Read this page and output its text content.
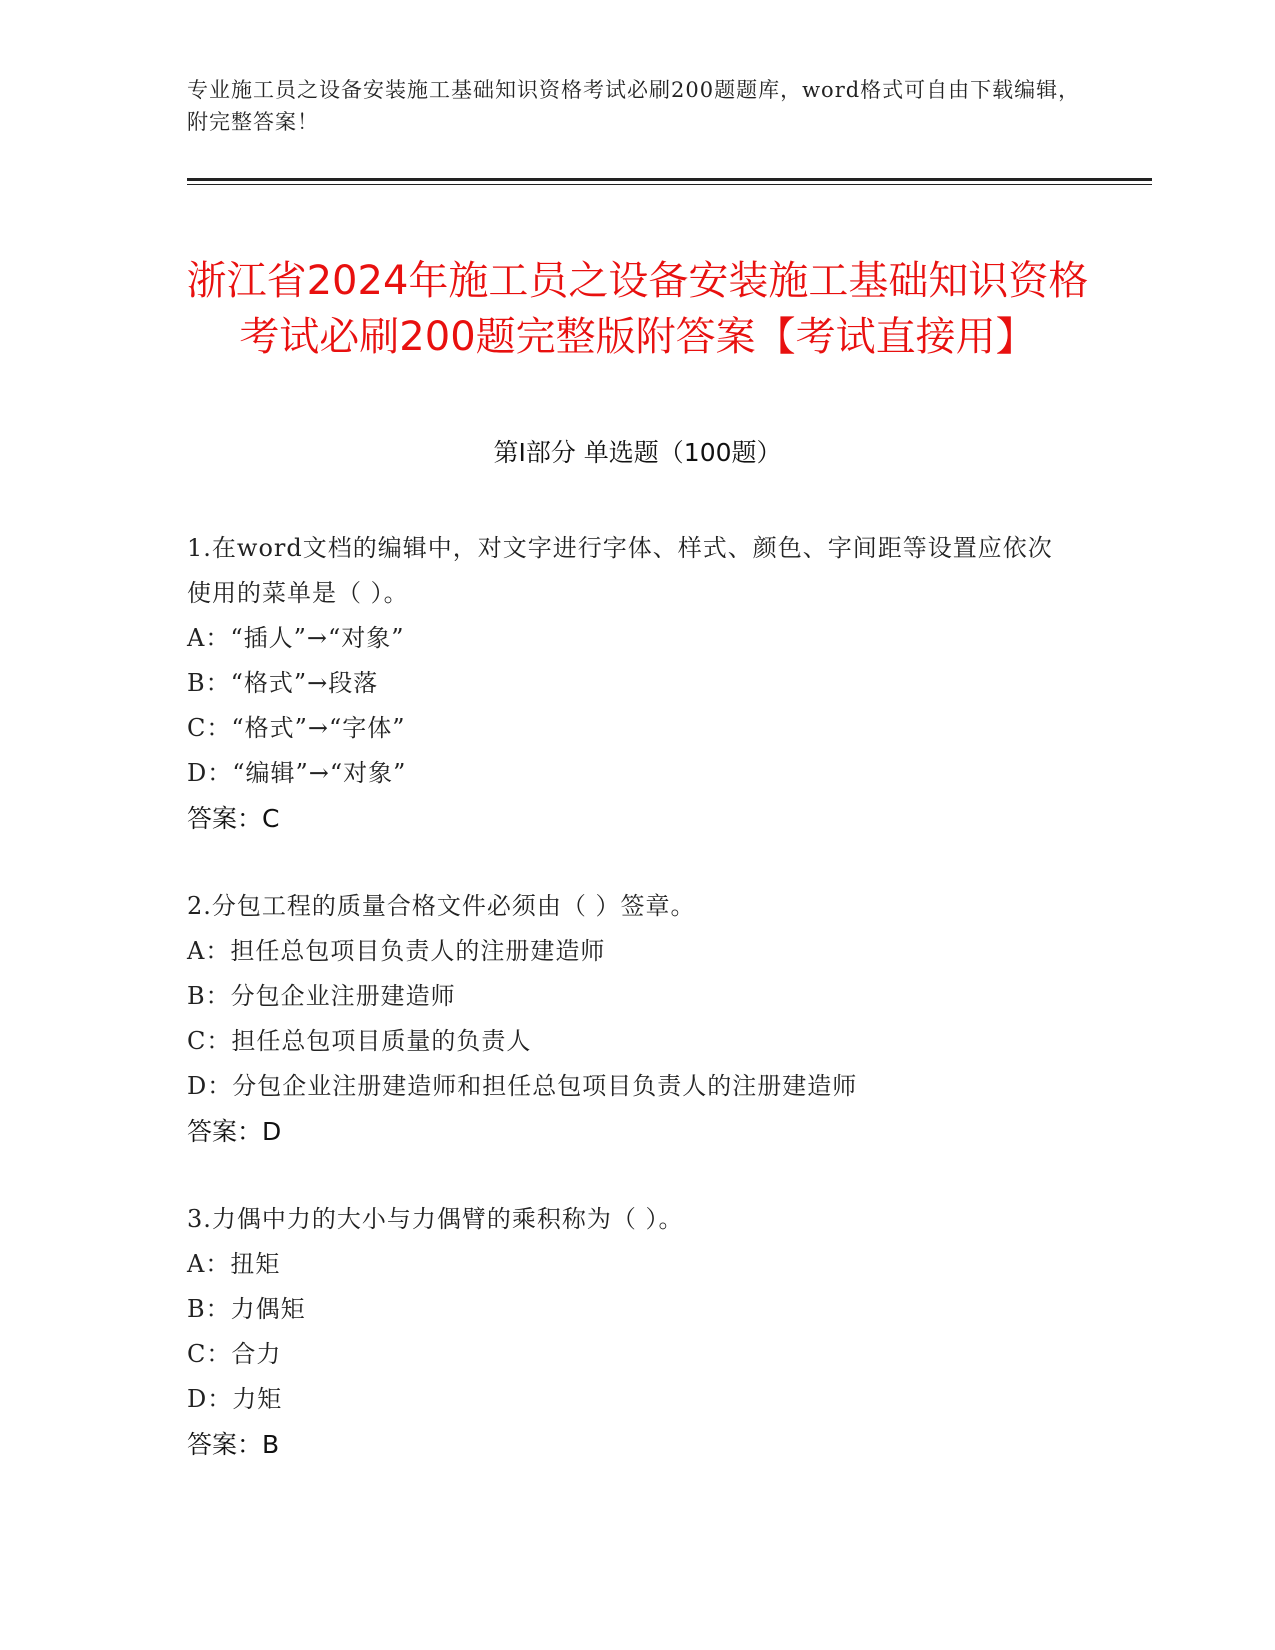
专业施工员之设备安装施工基础知识资格考试必刷200题题库，word格式可自由下载编辑，附完整答案！
浙江省2024年施工员之设备安装施工基础知识资格考试必刷200题完整版附答案【考试直接用】
第Ⅰ部分 单选题（100题）

1.在word文档的编辑中，对文字进行字体、样式、颜色、字间距等设置应依次使用的菜单是（ ）。

A：“插人”→“对象”

B：“格式”→段落

C：“格式”→“字体”

D：“编辑”→“对象”

答案：C

2.分包工程的质量合格文件必须由（ ）签章。

A：担任总包项目负责人的注册建造师

B：分包企业注册建造师

C：担任总包项目质量的负责人

D：分包企业注册建造师和担任总包项目负责人的注册建造师

答案：D

3.力偶中力的大小与力偶臂的乘积称为（ ）。

A：扭矩

B：力偶矩

C：合力

D：力矩

答案：B
